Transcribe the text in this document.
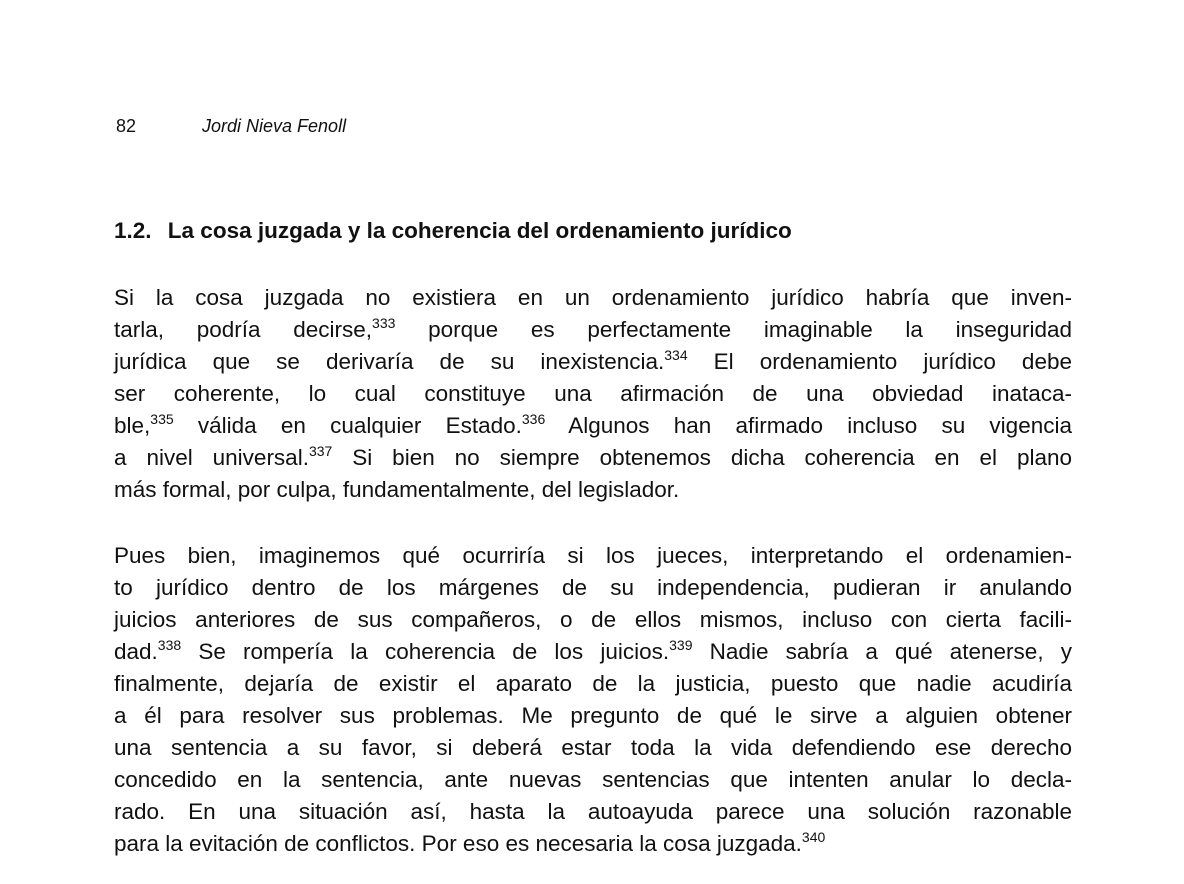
82	Jordi Nieva Fenoll
1.2. La cosa juzgada y la coherencia del ordenamiento jurídico
Si la cosa juzgada no existiera en un ordenamiento jurídico habría que inven-
tarla, podría decirse,$^{333}$ porque es perfectamente imaginable la inseguridad
jurídica que se derivaría de su inexistencia.$^{334}$ El ordenamiento jurídico debe
ser coherente, lo cual constituye una afirmación de una obviedad inataca-
ble,$^{335}$ válida en cualquier Estado.$^{336}$ Algunos han afirmado incluso su vigencia
a nivel universal.$^{337}$ Si bien no siempre obtenemos dicha coherencia en el plano
más formal, por culpa, fundamentalmente, del legislador.
Pues bien, imaginemos qué ocurriría si los jueces, interpretando el ordenamien-
to jurídico dentro de los márgenes de su independencia, pudieran ir anulando
juicios anteriores de sus compañeros, o de ellos mismos, incluso con cierta facili-
dad.$^{338}$ Se rompería la coherencia de los juicios.$^{339}$ Nadie sabría a qué atenerse, y
finalmente, dejaría de existir el aparato de la justicia, puesto que nadie acudiría
a él para resolver sus problemas. Me pregunto de qué le sirve a alguien obtener
una sentencia a su favor, si deberá estar toda la vida defendiendo ese derecho
concedido en la sentencia, ante nuevas sentencias que intenten anular lo decla-
rado. En una situación así, hasta la autoayuda parece una solución razonable
para la evitación de conflictos. Por eso es necesaria la cosa juzgada.$^{340}$
